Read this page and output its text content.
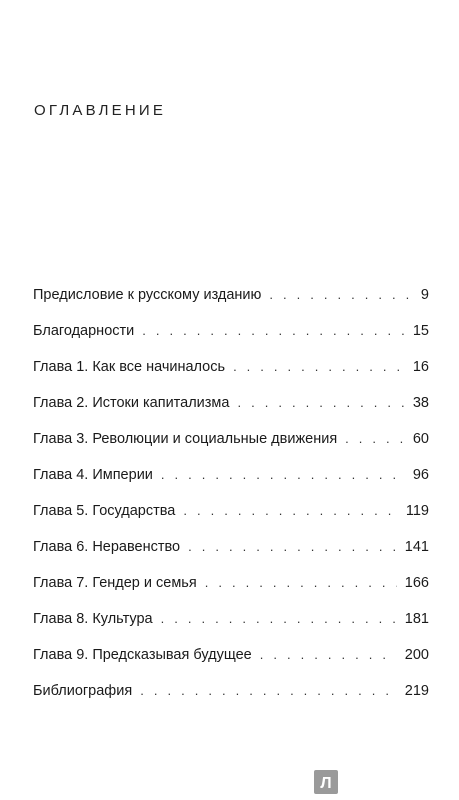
ОГЛАВЛЕНИЕ
Предисловие к русскому изданию . . .	9
Благодарности . . .	15
Глава 1. Как все начиналось . . .	16
Глава 2. Истоки капитализма . . .	38
Глава 3. Революции и социальные движения . . .	60
Глава 4. Империи . . .	96
Глава 5. Государства . . .	119
Глава 6. Неравенство . . .	141
Глава 7. Гендер и семья . . .	166
Глава 8. Культура . . .	181
Глава 9. Предсказывая будущее . . .	200
Библиография . . .	219
Л
